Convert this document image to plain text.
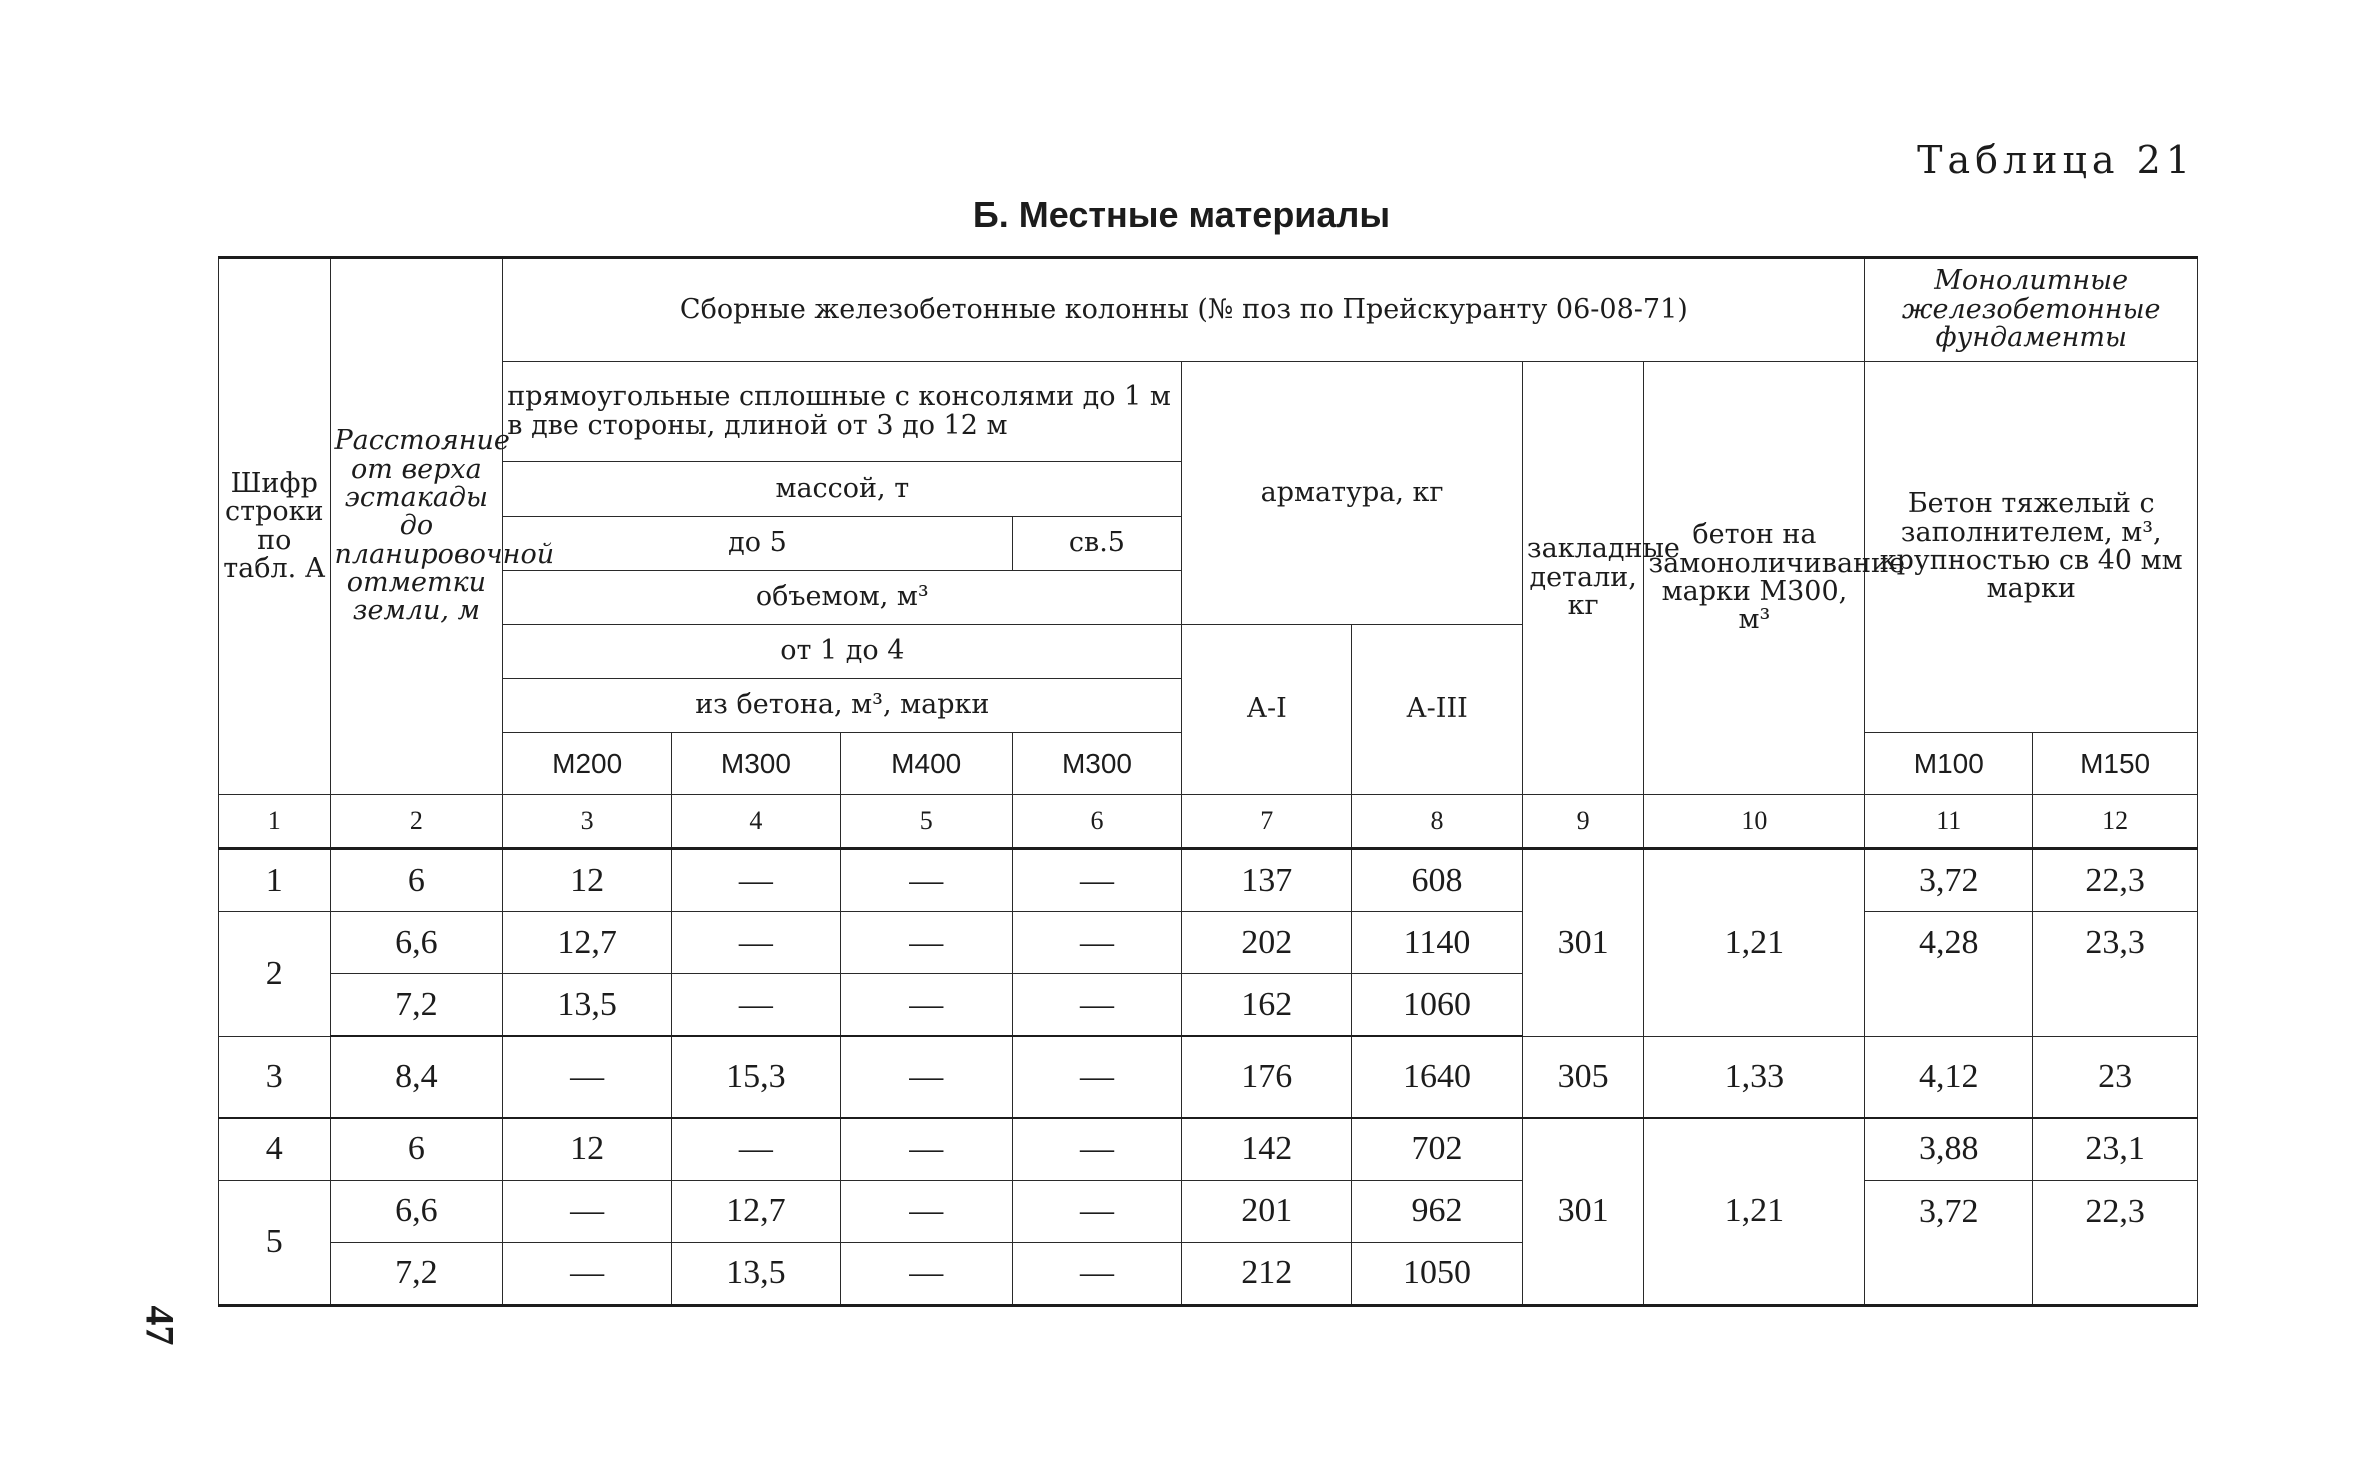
Таблица 21
Б. Местные материалы
47
Шифр строки по табл. А	Расстояние от верха эстакады до планировочной отметки земли, м	Сборные железобетонные колонны (№ поз по Прейскуранту 06-08-71)								Монолитные железобетонные фундаменты	
		прямоугольные сплошные с консолями до 1 м в две стороны, длиной от 3 до 12 м				арматура, кг		закладные детали, кг	бетон на замоноличивание марки М300, м³	Бетон тяжелый с заполнителем, м³, крупностью св 40 мм марки	
		массой, т									
		до 5			св.5						
		объемом, м³									
		от 1 до 4				А-I	А-III				
		из бетона, м³, марки									
		М200	М300	М400	М300					М100	М150
1	2	3	4	5	6	7	8	9	10	11	12
1	6	12	—	—	—	137	608	301	1,21	3,72	22,3
2	6,6	12,7	—	—	—	202	1140			4,28	23,3
	7,2	13,5	—	—	—	162	1060				
3	8,4	—	15,3	—	—	176	1640	305	1,33	4,12	23
4	6	12	—	—	—	142	702	301	1,21	3,88	23,1
5	6,6	—	12,7	—	—	201	962			3,72	22,3
	7,2	—	13,5	—	—	212	1050				
